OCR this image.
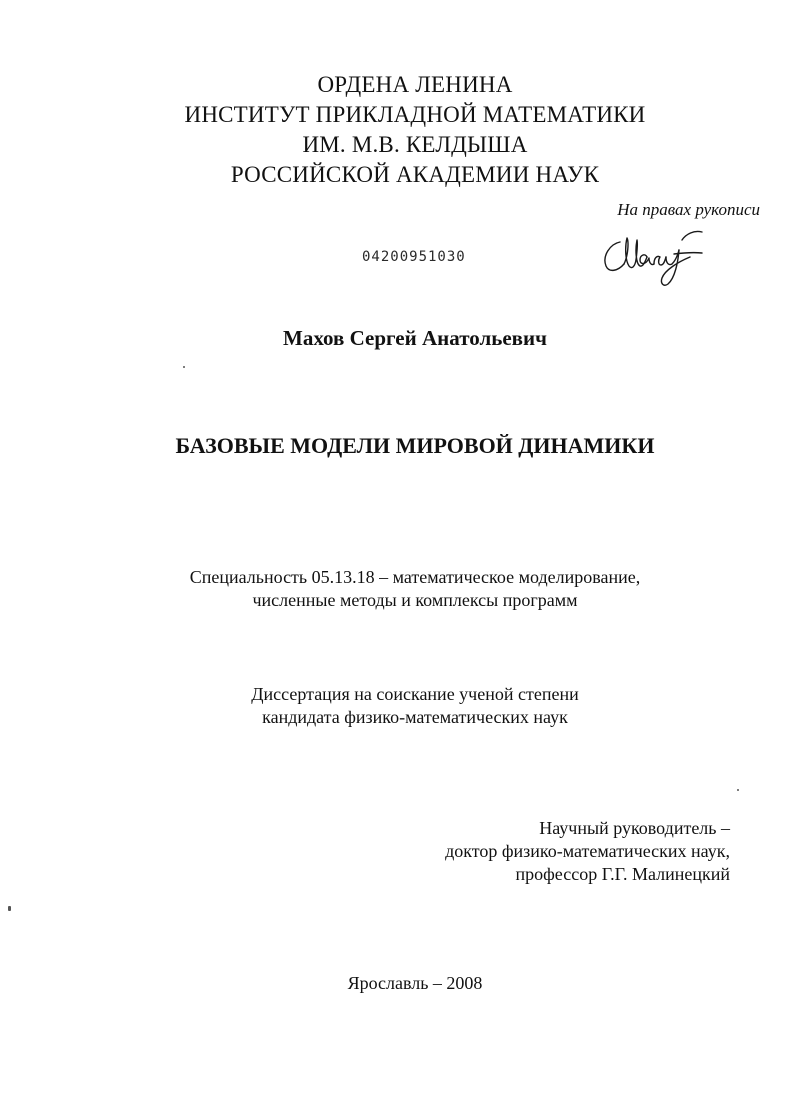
ОРДЕНА ЛЕНИНА
ИНСТИТУТ ПРИКЛАДНОЙ МАТЕМАТИКИ
ИМ. М.В. КЕЛДЫША
РОССИЙСКОЙ АКАДЕМИИ НАУК
На правах рукописи
04200951030
Махов Сергей Анатольевич
БАЗОВЫЕ МОДЕЛИ МИРОВОЙ ДИНАМИКИ
Специальность 05.13.18 – математическое моделирование,
численные методы и комплексы программ
Диссертация на соискание ученой степени
кандидата физико-математических наук
Научный руководитель –
доктор физико-математических наук,
профессор Г.Г. Малинецкий
Ярославль – 2008
